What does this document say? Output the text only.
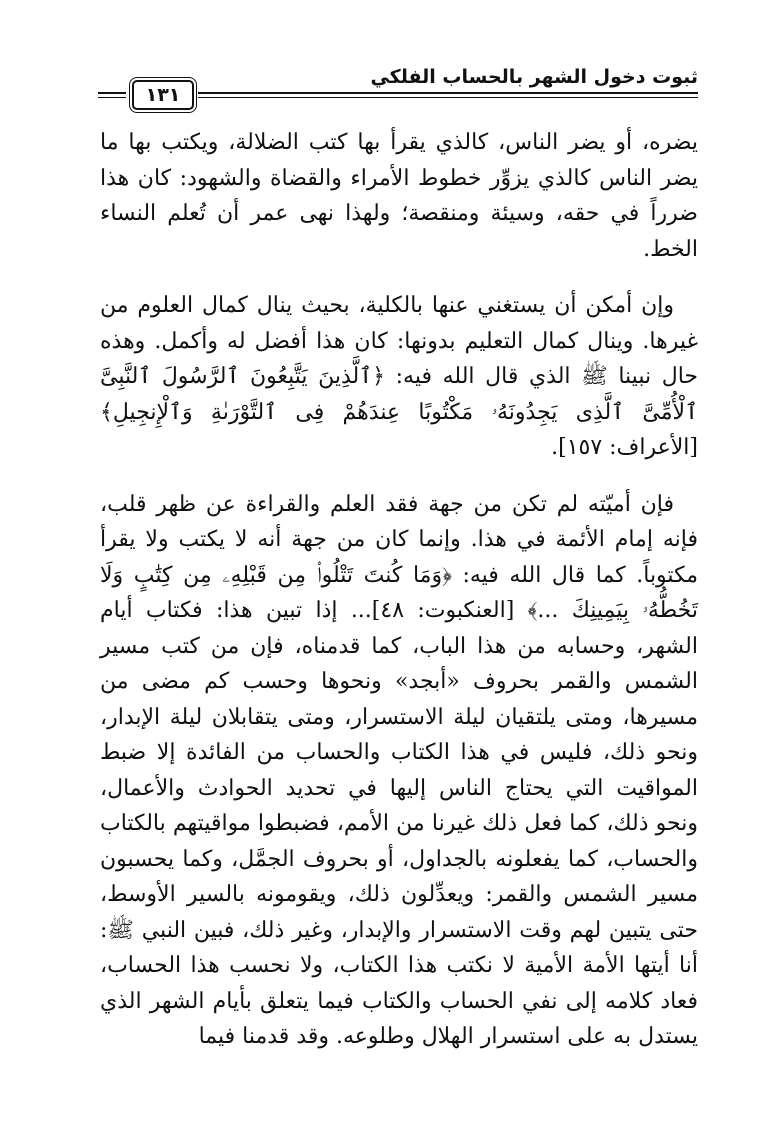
ثبوت دخول الشهر بالحساب الفلكي
١٣١

يضره، أو يضر الناس، كالذي يقرأ بها كتب الضلالة، ويكتب بها ما يضر الناس كالذي يزوِّر خطوط الأمراء والقضاة والشهود: كان هذا ضرراً في حقه، وسيئة ومنقصة؛ ولهذا نهى عمر أن تُعلم النساء الخط.

وإن أمكن أن يستغني عنها بالكلية، بحيث ينال كمال العلوم من غيرها. وينال كمال التعليم بدونها: كان هذا أفضل له وأكمل. وهذه حال نبينا ﷺ الذي قال الله فيه: ﴿ٱلَّذِينَ يَتَّبِعُونَ ٱلرَّسُولَ ٱلنَّبِىَّ ٱلْأُمِّىَّ ٱلَّذِى يَجِدُونَهُۥ مَكْتُوبًا عِندَهُمْ فِى ٱلتَّوْرَىٰةِ وَٱلْإِنجِيلِ﴾ [الأعراف: ١٥٧].

فإن أميّته لم تكن من جهة فقد العلم والقراءة عن ظهر قلب، فإنه إمام الأئمة في هذا. وإنما كان من جهة أنه لا يكتب ولا يقرأ مكتوباً. كما قال الله فيه: ﴿وَمَا كُنتَ تَتْلُوا۟ مِن قَبْلِهِۦ مِن كِتَٰبٍ وَلَا تَخُطُّهُۥ بِيَمِينِكَ ...﴾ [العنكبوت: ٤٨]... إذا تبين هذا: فكتاب أيام الشهر، وحسابه من هذا الباب، كما قدمناه، فإن من كتب مسير الشمس والقمر بحروف «أبجد» ونحوها وحسب كم مضى من مسيرها، ومتى يلتقيان ليلة الاستسرار، ومتى يتقابلان ليلة الإبدار، ونحو ذلك، فليس في هذا الكتاب والحساب من الفائدة إلا ضبط المواقيت التي يحتاج الناس إليها في تحديد الحوادث والأعمال، ونحو ذلك، كما فعل ذلك غيرنا من الأمم، فضبطوا مواقيتهم بالكتاب والحساب، كما يفعلونه بالجداول، أو بحروف الجمَّل، وكما يحسبون مسير الشمس والقمر: ويعدِّلون ذلك، ويقومونه بالسير الأوسط، حتى يتبين لهم وقت الاستسرار والإبدار، وغير ذلك، فبين النبي ﷺ: أنا أيتها الأمة الأمية لا نكتب هذا الكتاب، ولا نحسب هذا الحساب، فعاد كلامه إلى نفي الحساب والكتاب فيما يتعلق بأيام الشهر الذي يستدل به على استسرار الهلال وطلوعه. وقد قدمنا فيما
